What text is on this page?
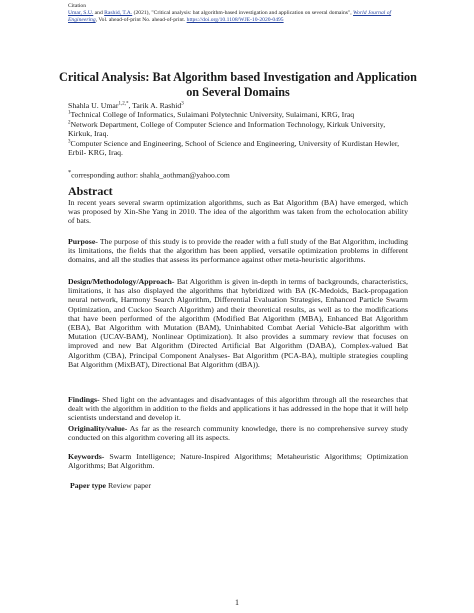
Citation
Umar, S.U. and Rashid, T.A. (2021), "Critical analysis: bat algorithm-based investigation and application on several domains", World Journal of Engineering, Vol. ahead-of-print No. ahead-of-print. https://doi.org/10.1108/WJE-10-2020-0495
Critical Analysis: Bat Algorithm based Investigation and Application on Several Domains
Shahla U. Umar$^{1,2,*}$, Tarik A. Rashid$^3$
$^1$Technical College of Informatics, Sulaimani Polytechnic University, Sulaimani, KRG, Iraq
$^2$Network Department, College of Computer Science and Information Technology, Kirkuk University, Kirkuk, Iraq.
$^3$Computer Science and Engineering, School of Science and Engineering, University of Kurdistan Hewler, Erbil- KRG, Iraq.
*corresponding author: shahla_aothman@yahoo.com
Abstract
In recent years several swarm optimization algorithms, such as Bat Algorithm (BA) have emerged, which was proposed by Xin-She Yang in 2010. The idea of the algorithm was taken from the echolocation ability of bats.
Purpose- The purpose of this study is to provide the reader with a full study of the Bat Algorithm, including its limitations, the fields that the algorithm has been applied, versatile optimization problems in different domains, and all the studies that assess its performance against other meta-heuristic algorithms.
Design/Methodology/Approach- Bat Algorithm is given in-depth in terms of backgrounds, characteristics, limitations, it has also displayed the algorithms that hybridized with BA (K-Medoids, Back-propagation neural network, Harmony Search Algorithm, Differential Evaluation Strategies, Enhanced Particle Swarm Optimization, and Cuckoo Search Algorithm) and their theoretical results, as well as to the modifications that have been performed of the algorithm (Modified Bat Algorithm (MBA), Enhanced Bat Algorithm (EBA), Bat Algorithm with Mutation (BAM), Uninhabited Combat Aerial Vehicle-Bat algorithm with Mutation (UCAV-BAM), Nonlinear Optimization). It also provides a summary review that focuses on improved and new Bat Algorithm (Directed Artificial Bat Algorithm (DABA), Complex-valued Bat Algorithm (CBA), Principal Component Analyses- Bat Algorithm (PCA-BA), multiple strategies coupling Bat Algorithm (MixBAT), Directional Bat Algorithm (dBA)).
Findings- Shed light on the advantages and disadvantages of this algorithm through all the researches that dealt with the algorithm in addition to the fields and applications it has addressed in the hope that it will help scientists understand and develop it.
Originality/value- As far as the research community knowledge, there is no comprehensive survey study conducted on this algorithm covering all its aspects.
Keywords- Swarm Intelligence; Nature-Inspired Algorithms; Metaheuristic Algorithms; Optimization Algorithms; Bat Algorithm.
Paper type Review paper
1
